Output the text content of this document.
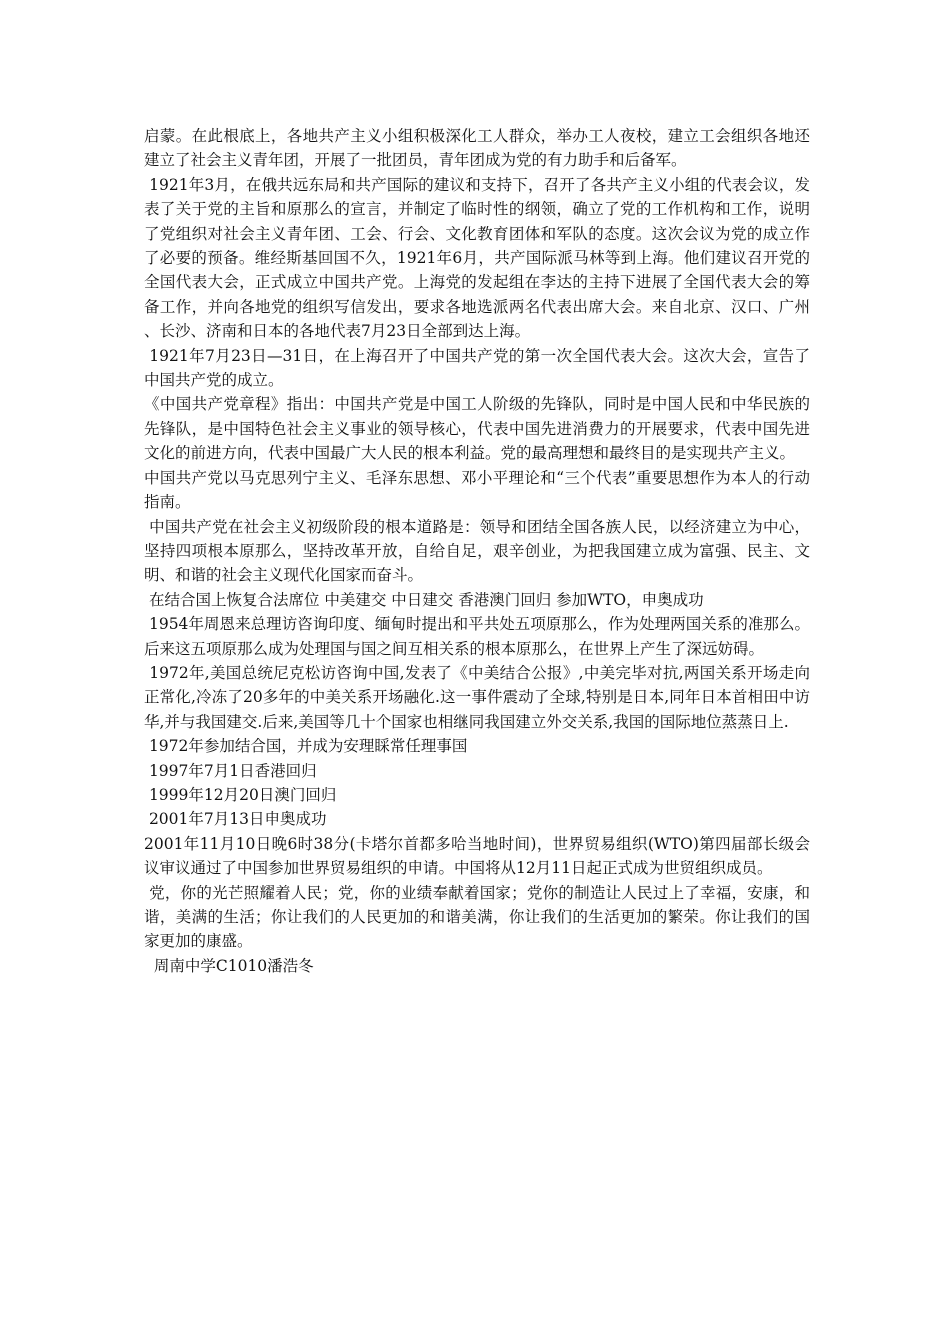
启蒙。在此根底上，各地共产主义小组积极深化工人群众，举办工人夜校，建立工会组织各地还建立了社会主义青年团，开展了一批团员，青年团成为党的有力助手和后备军。

1921年3月，在俄共远东局和共产国际的建议和支持下，召开了各共产主义小组的代表会议，发表了关于党的主旨和原那么的宣言，并制定了临时性的纲领，确立了党的工作机构和工作，说明了党组织对社会主义青年团、工会、行会、文化教育团体和军队的态度。这次会议为党的成立作了必要的预备。维经斯基回国不久，1921年6月，共产国际派马林等到上海。他们建议召开党的全国代表大会，正式成立中国共产党。上海党的发起组在李达的主持下进展了全国代表大会的筹备工作，并向各地党的组织写信发出，要求各地选派两名代表出席大会。来自北京、汉口、广州、长沙、济南和日本的各地代表7月23日全部到达上海。

1921年7月23日—31日，在上海召开了中国共产党的第一次全国代表大会。这次大会，宣告了中国共产党的成立。

《中国共产党章程》指出：中国共产党是中国工人阶级的先锋队，同时是中国人民和中华民族的先锋队，是中国特色社会主义事业的领导核心，代表中国先进消费力的开展要求，代表中国先进文化的前进方向，代表中国最广大人民的根本利益。党的最高理想和最终目的是实现共产主义。

中国共产党以马克思列宁主义、毛泽东思想、邓小平理论和“三个代表”重要思想作为本人的行动指南。

中国共产党在社会主义初级阶段的根本道路是：领导和团结全国各族人民，以经济建立为中心，坚持四项根本原那么，坚持改革开放，自给自足，艰辛创业，为把我国建立成为富强、民主、文明、和谐的社会主义现代化国家而奋斗。

在结合国上恢复合法席位 中美建交 中日建交 香港澳门回归 参加WTO，申奥成功

1954年周恩来总理访咨询印度、缅甸时提出和平共处五项原那么，作为处理两国关系的准那么。后来这五项原那么成为处理国与国之间互相关系的根本原那么，在世界上产生了深远妨碍。

1972年,美国总统尼克松访咨询中国,发表了《中美结合公报》,中美完毕对抗,两国关系开场走向正常化,冷冻了20多年的中美关系开场融化.这一事件震动了全球,特别是日本,同年日本首相田中访华,并与我国建交.后来,美国等几十个国家也相继同我国建立外交关系,我国的国际地位蒸蒸日上.

1972年参加结合国，并成为安理睬常任理事国

1997年7月1日香港回归

1999年12月20日澳门回归

2001年7月13日申奥成功

2001年11月10日晚6时38分(卡塔尔首都多哈当地时间)，世界贸易组织(WTO)第四届部长级会议审议通过了中国参加世界贸易组织的申请。中国将从12月11日起正式成为世贸组织成员。

党，你的光芒照耀着人民；党，你的业绩奉献着国家；党你的制造让人民过上了幸福，安康，和谐，美满的生活；你让我们的人民更加的和谐美满，你让我们的生活更加的繁荣。你让我们的国家更加的康盛。

周南中学C1010潘浩冬
